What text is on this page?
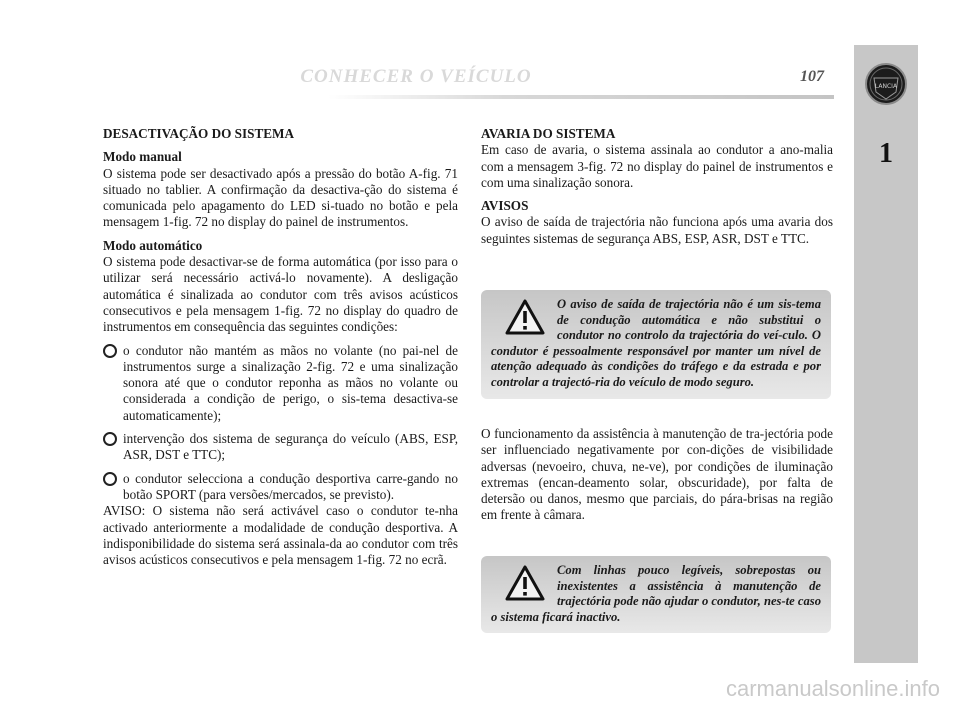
LANCIA
1
CONHECER O VEÍCULO	107

DESACTIVAÇÃO DO SISTEMA

Modo manual

O sistema pode ser desactivado após a pressão do botão A-fig. 71 situado no tablier. A confirmação da desactiva-ção do sistema é comunicada pelo apagamento do LED si-tuado no botão e pela mensagem 1-fig. 72 no display do painel de instrumentos.

Modo automático

O sistema pode desactivar-se de forma automática (por isso para o utilizar será necessário activá-lo novamente). A desligação automática é sinalizada ao condutor com três avisos acústicos consecutivos e pela mensagem 1-fig. 72 no display do quadro de instrumentos em consequência das seguintes condições:

o condutor não mantém as mãos no volante (no pai-nel de instrumentos surge a sinalização 2-fig. 72 e uma sinalização sonora até que o condutor reponha as mãos no volante ou considerada a condição de perigo, o sis-tema desactiva-se automaticamente);
intervenção dos sistema de segurança do veículo (ABS, ESP, ASR, DST e TTC);
o condutor selecciona a condução desportiva carre-gando no botão SPORT (para versões/mercados, se previsto).

AVISO: O sistema não será activável caso o condutor te-nha activado anteriormente a modalidade de condução desportiva. A indisponibilidade do sistema será assinala-da ao condutor com três avisos acústicos consecutivos e pela mensagem 1-fig. 72 no ecrã.

AVARIA DO SISTEMA

Em caso de avaria, o sistema assinala ao condutor a ano-malia com a mensagem 3-fig. 72 no display do painel de instrumentos e com uma sinalização sonora.

AVISOS

O aviso de saída de trajectória não funciona após uma avaria dos seguintes sistemas de segurança ABS, ESP, ASR, DST e TTC.

O aviso de saída de trajectória não é um sis-tema de condução automática e não substitui o condutor no controlo da trajectória do veí-culo. O condutor é pessoalmente responsável por manter um nível de atenção adequado às condições do tráfego e da estrada e por controlar a trajectó-ria do veículo de modo seguro.

O funcionamento da assistência à manutenção de tra-jectória pode ser influenciado negativamente por con-dições de visibilidade adversas (nevoeiro, chuva, ne-ve), por condições de iluminação extremas (encan-deamento solar, obscuridade), por falta de detersão ou danos, mesmo que parciais, do pára-brisas na região em frente à câmara.

Com linhas pouco legíveis, sobrepostas ou inexistentes a assistência à manutenção de trajectória pode não ajudar o condutor, nes-te caso o sistema ficará inactivo.

carmanualsonline.info
